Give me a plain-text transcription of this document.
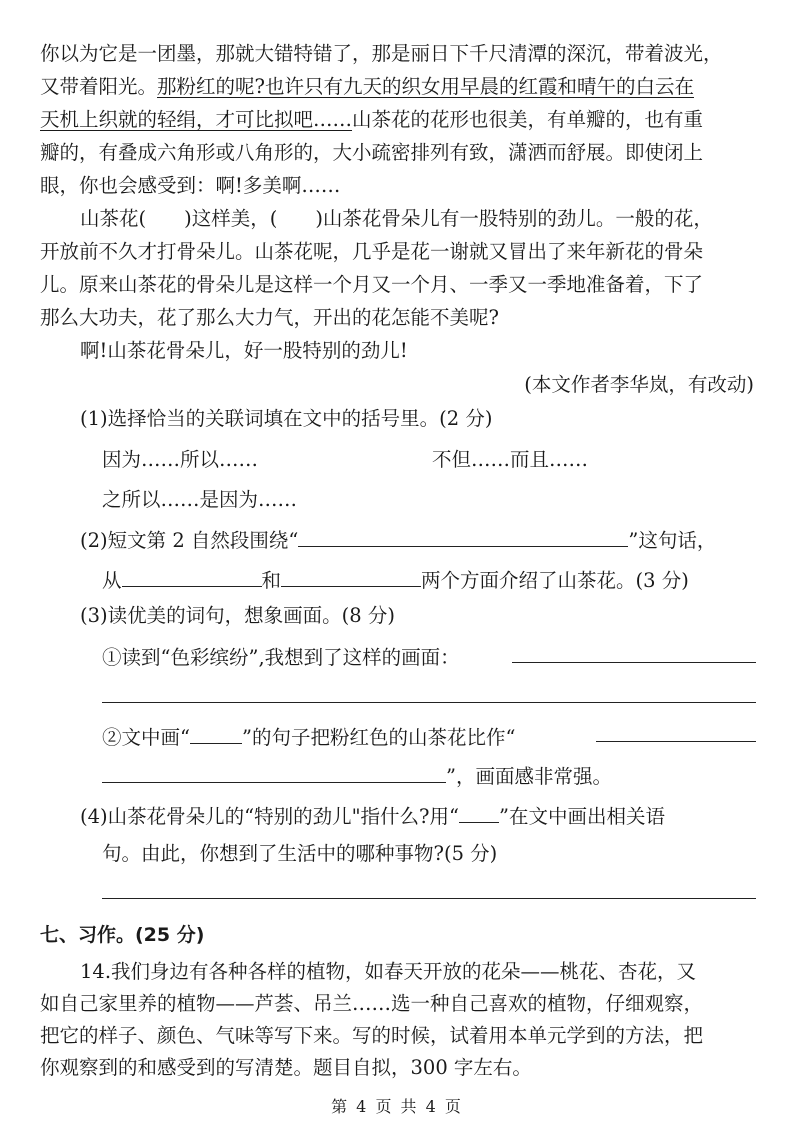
你以为它是一团墨，那就大错特错了，那是丽日下千尺清潭的深沉，带着波光，
又带着阳光。那粉红的呢?也许只有九天的织女用早晨的红霞和晴午的白云在
天机上织就的轻绢，才可比拟吧……山茶花的花形也很美，有单瓣的，也有重
瓣的，有叠成六角形或八角形的，大小疏密排列有致，潇洒而舒展。即使闭上
眼，你也会感受到：啊!多美啊……
山茶花( )这样美，( )山茶花骨朵儿有一股特别的劲儿。一般的花，
开放前不久才打骨朵儿。山茶花呢，几乎是花一谢就又冒出了来年新花的骨朵
儿。原来山茶花的骨朵儿是这样一个月又一个月、一季又一季地准备着，下了
那么大功夫，花了那么大力气，开出的花怎能不美呢?
啊!山茶花骨朵儿，好一股特别的劲儿!
(本文作者李华岚，有改动)
(1)选择恰当的关联词填在文中的括号里。(2 分)
因为……所以……	不但……而且……
之所以……是因为……
(2)短文第 2 自然段围绕“	”这句话，
从	和	两个方面介绍了山茶花。(3 分)
(3)读优美的词句，想象画面。(8 分)
①读到“色彩缤纷”,我想到了这样的画面：
②文中画“	”的句子把粉红色的山茶花比作“
”，画面感非常强。
(4)山茶花骨朵儿的“特别的劲儿"指什么?用“ ”在文中画出相关语
句。由此，你想到了生活中的哪种事物?(5 分)
七、习作。(25 分)
14.我们身边有各种各样的植物，如春天开放的花朵——桃花、杏花，又
如自己家里养的植物——芦荟、吊兰……选一种自己喜欢的植物，仔细观察，
把它的样子、颜色、气味等写下来。写的时候，试着用本单元学到的方法，把
你观察到的和感受到的写清楚。题目自拟，300 字左右。
第 4 页 共 4 页
